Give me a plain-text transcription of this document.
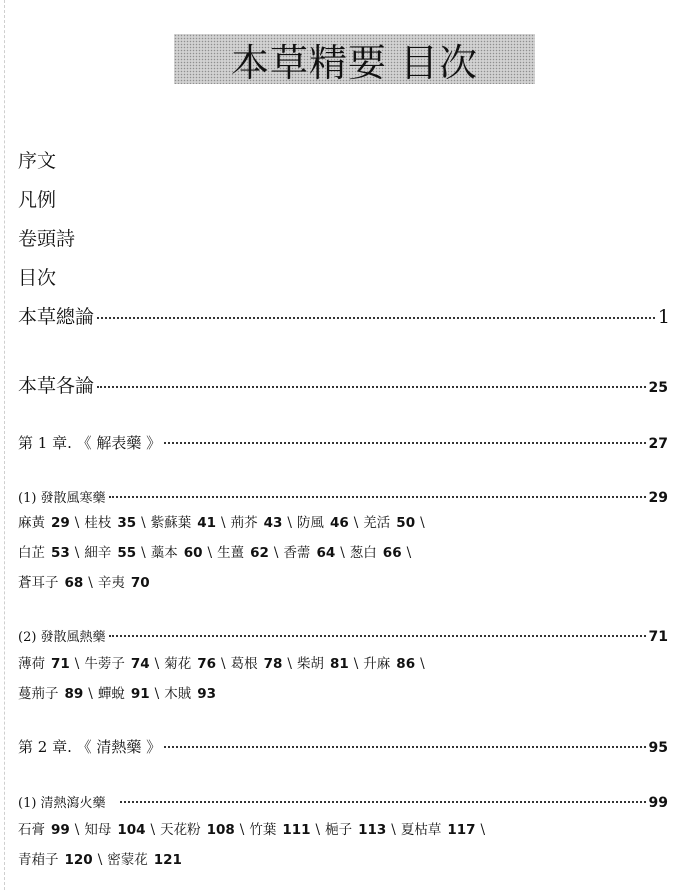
本草精要 目次
序文
凡例
卷頭詩
目次
本草總論	1
本草各論	25
第 1 章. 《 解表藥 》	27
(1) 發散風寒藥	29
麻黃 29 \ 桂枝 35 \ 紫蘇葉 41 \ 荊芥 43 \ 防風 46 \ 羌活 50 \
白芷 53 \ 細辛 55 \ 藁本 60 \ 生薑 62 \ 香薷 64 \ 葱白 66 \
蒼耳子 68 \ 辛夷 70
(2) 發散風熱藥	71
薄荷 71 \ 牛蒡子 74 \ 菊花 76 \ 葛根 78 \ 柴胡 81 \ 升麻 86 \
蔓荊子 89 \ 蟬蛻 91 \ 木賊 93
第 2 章. 《 清熱藥 》	95
(1) 清熱瀉火藥	99
石膏 99 \ 知母 104 \ 天花粉 108 \ 竹葉 111 \ 梔子 113 \ 夏枯草 117 \
青葙子 120 \ 密蒙花 121
